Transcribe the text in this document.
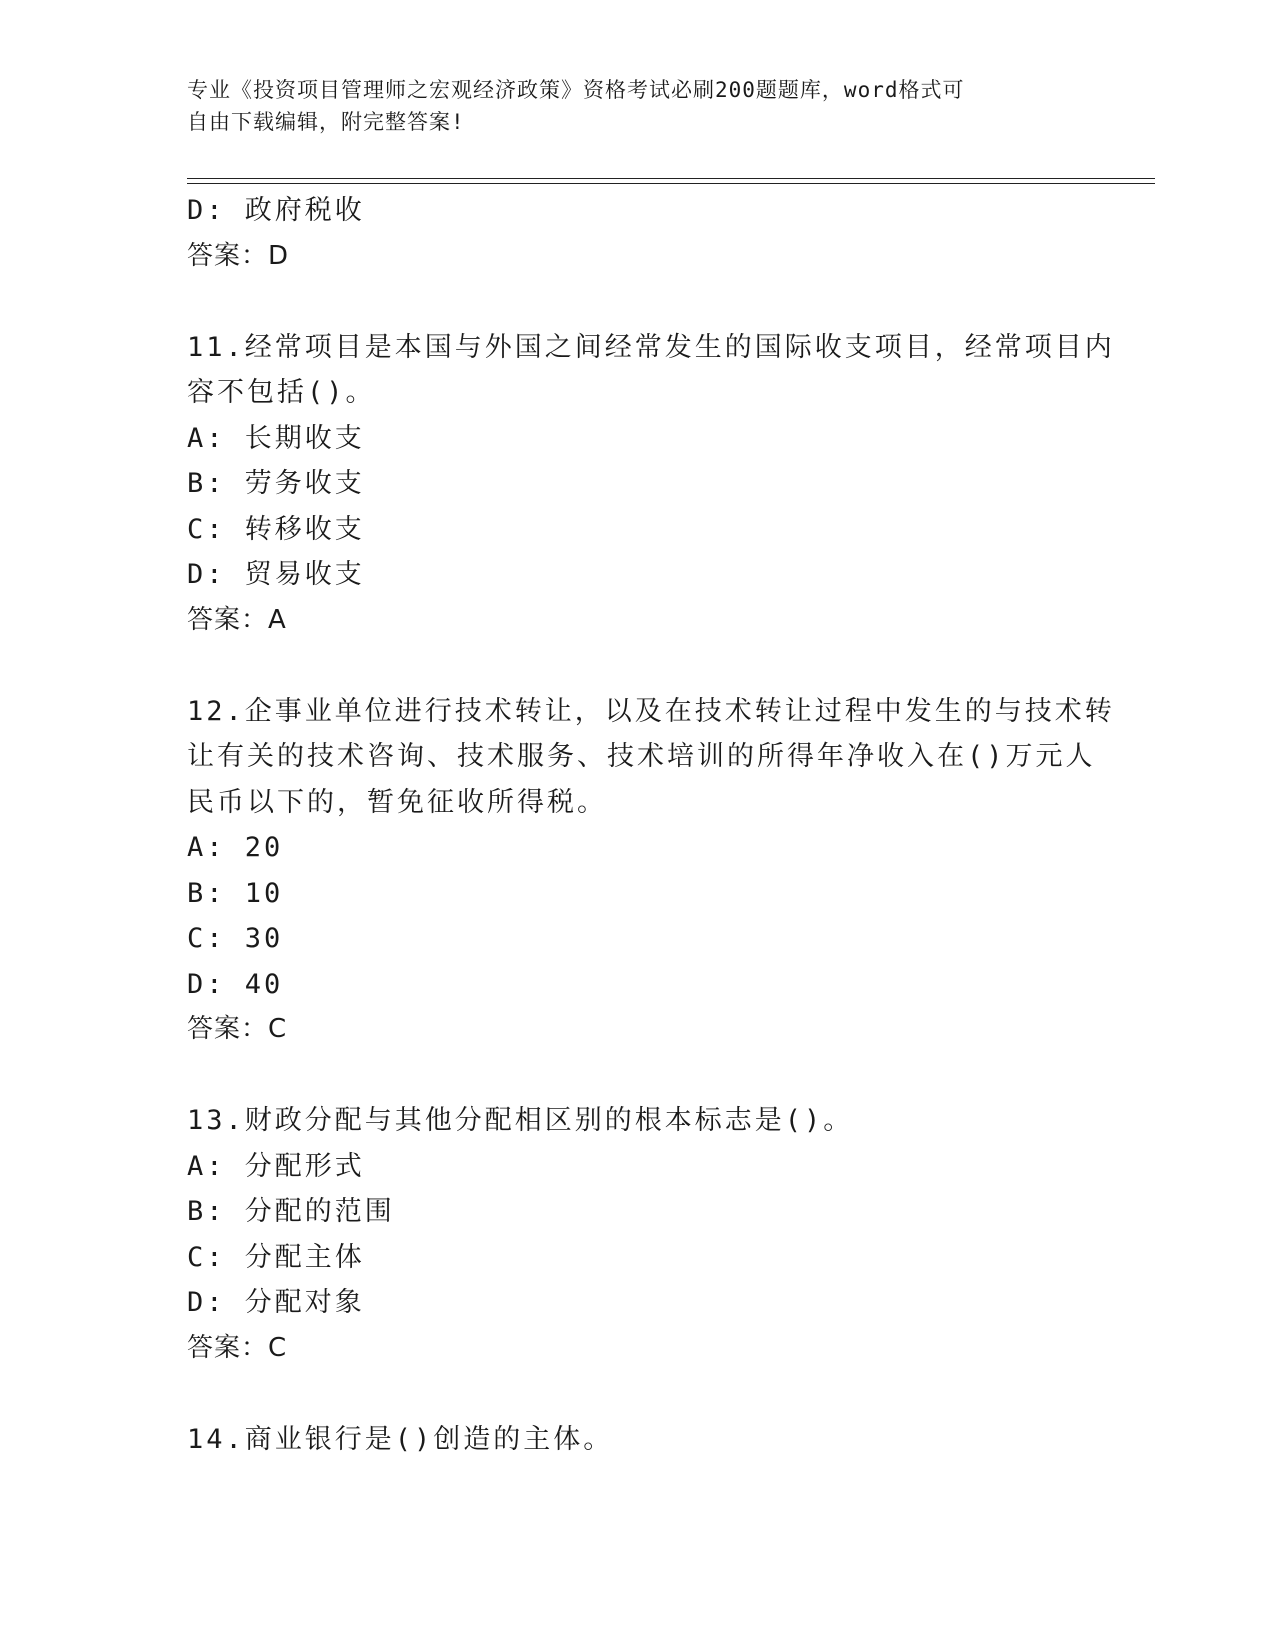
专业《投资项目管理师之宏观经济政策》资格考试必刷200题题库，word格式可
自由下载编辑，附完整答案!
D: 政府税收
答案：D
11.经常项目是本国与外国之间经常发生的国际收支项目，经常项目内
容不包括()。
A: 长期收支
B: 劳务收支
C: 转移收支
D: 贸易收支
答案：A
12.企事业单位进行技术转让，以及在技术转让过程中发生的与技术转
让有关的技术咨询、技术服务、技术培训的所得年净收入在()万元人
民币以下的，暂免征收所得税。
A: 20
B: 10
C: 30
D: 40
答案：C
13.财政分配与其他分配相区别的根本标志是()。
A: 分配形式
B: 分配的范围
C: 分配主体
D: 分配对象
答案：C
14.商业银行是()创造的主体。
